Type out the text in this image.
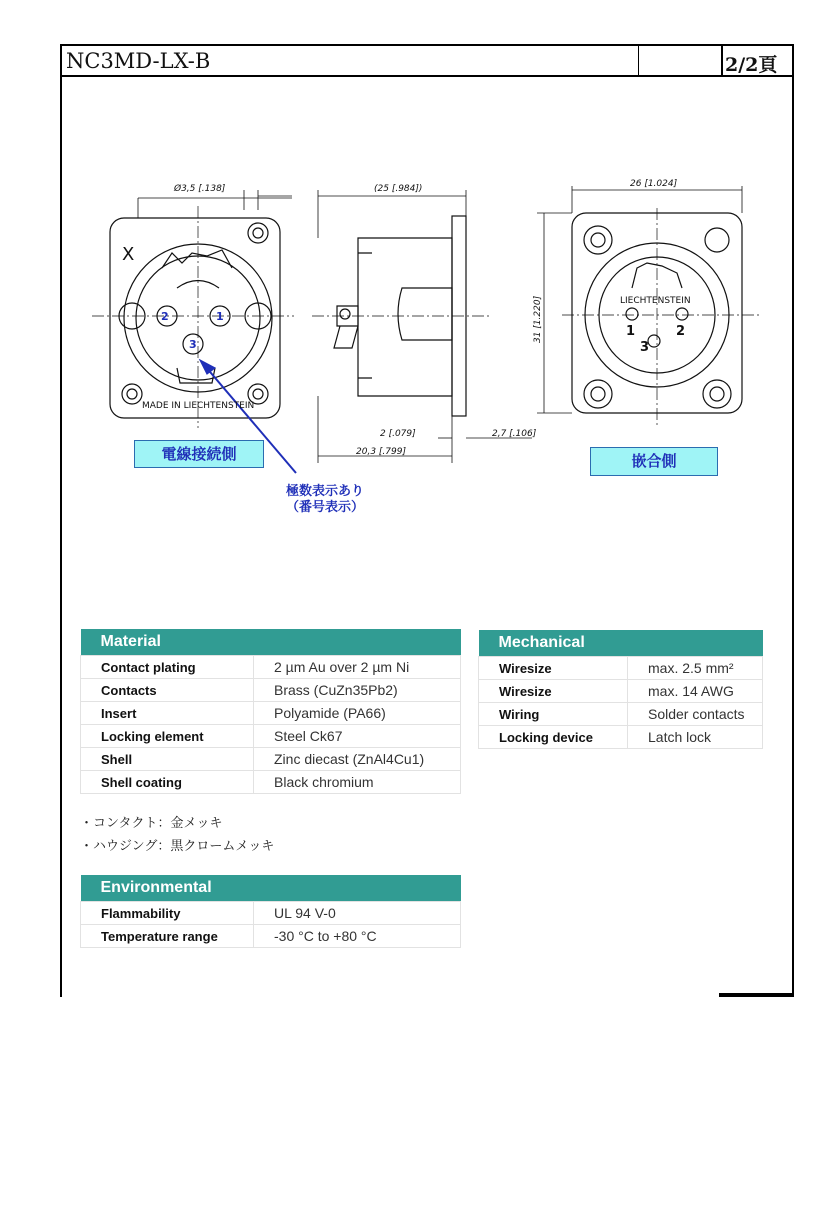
NC3MD-LX-B	2/2頁
Ø3,5 [.138]	(25 [.984])	26 [1.024]
31 [1.220]
2 [.079]	2,7 [.106]
20,3 [.799]
X
MADE IN LIECHTENSTEIN
LIECHTENSTEIN
2	1
3
1	2
3
電線接続側	嵌合側
極数表示あり
（番号表示）
Material	
Contact plating	2 µm Au over 2 µm Ni
Contacts	Brass (CuZn35Pb2)
Insert	Polyamide (PA66)
Locking element	Steel Ck67
Shell	Zinc diecast (ZnAl4Cu1)
Shell coating	Black chromium
・コンタクト：金メッキ
・ハウジング：黒クロームメッキ
Mechanical	
Wiresize	max. 2.5 mm²
Wiresize	max. 14 AWG
Wiring	Solder contacts
Locking device	Latch lock
Environmental	
Flammability	UL 94 V-0
Temperature range	-30 °C to +80 °C
